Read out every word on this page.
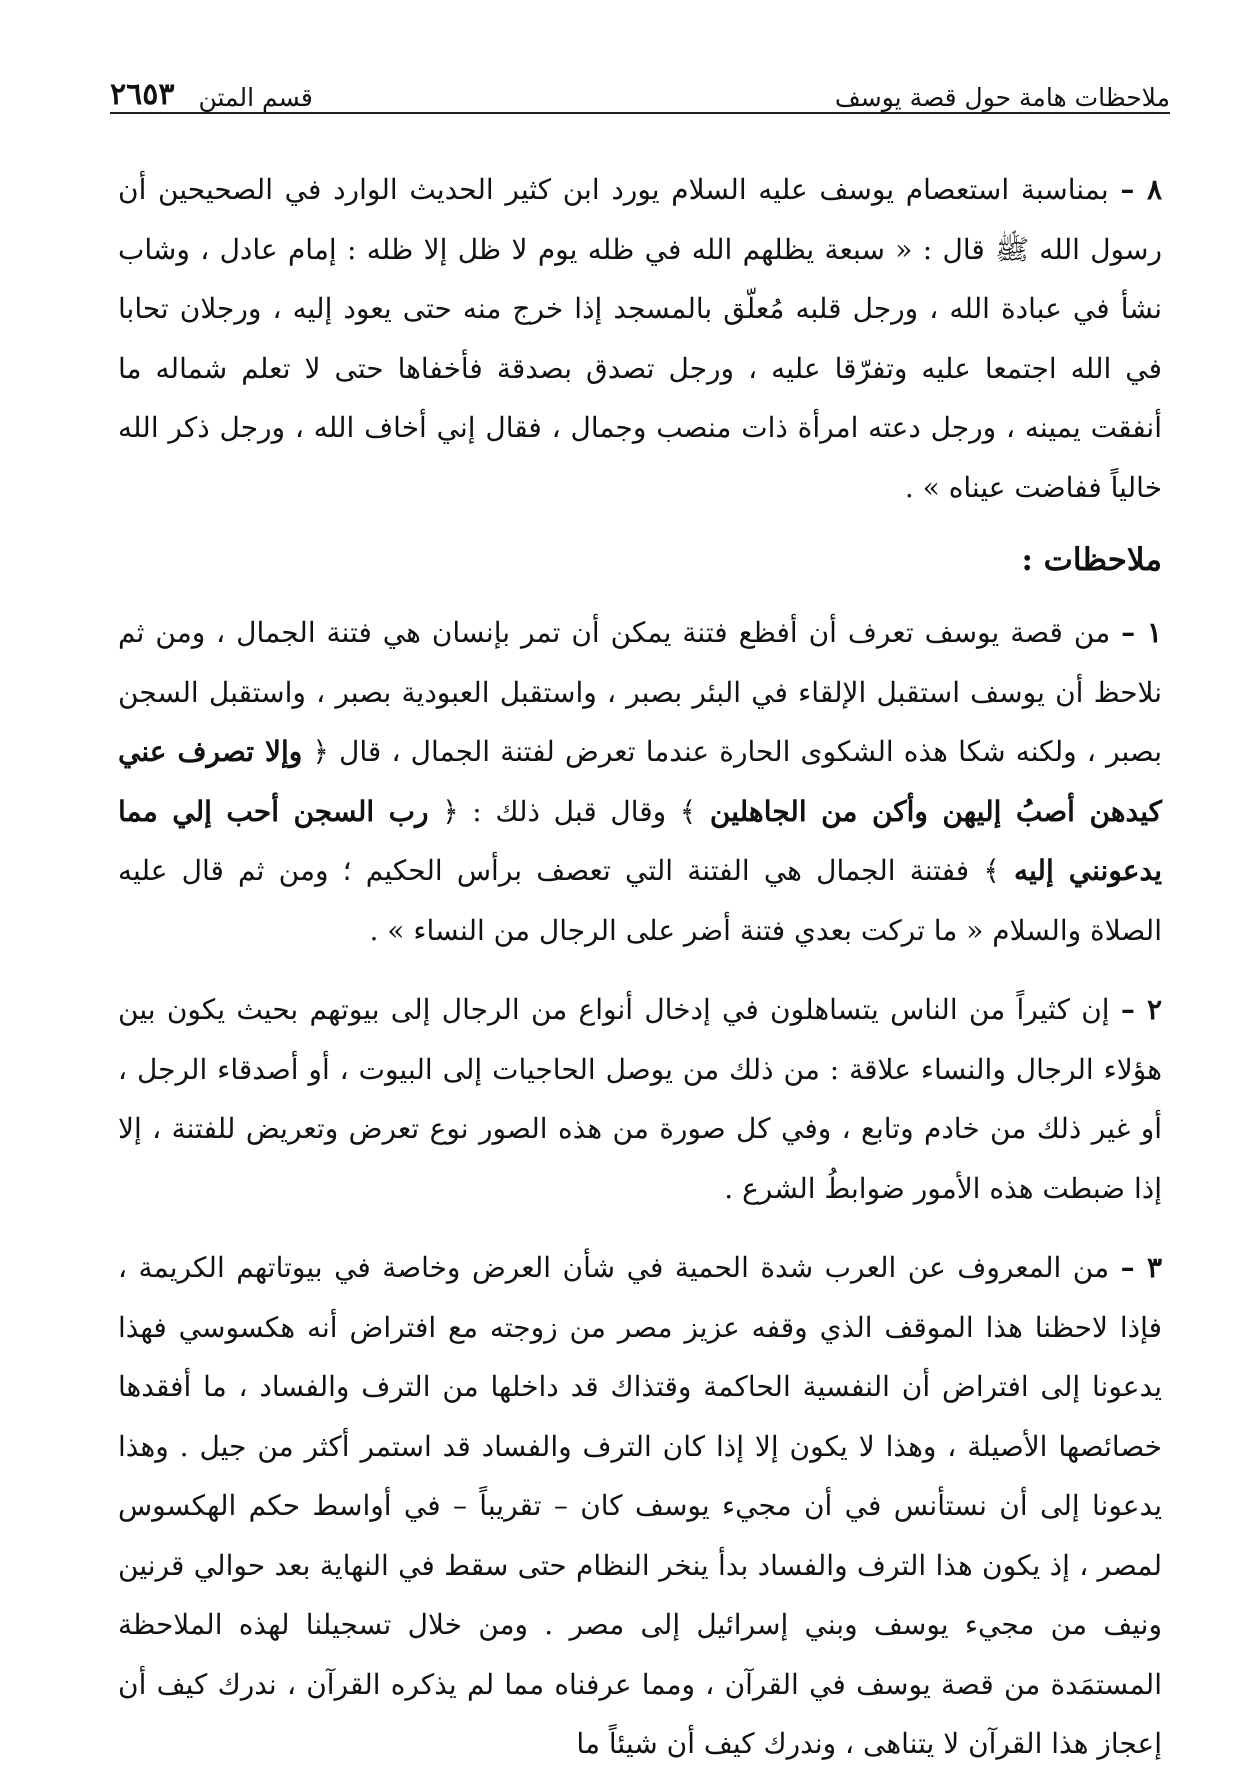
ملاحظات هامة حول قصة يوسف
قسم المتن
٢٦٥٣

٨ – بمناسبة استعصام يوسف عليه السلام يورد ابن كثير الحديث الوارد في الصحيحين أن رسول الله ﷺ قال : « سبعة يظلهم الله في ظله يوم لا ظل إلا ظله : إمام عادل ، وشاب نشأ في عبادة الله ، ورجل قلبه مُعلّق بالمسجد إذا خرج منه حتى يعود إليه ، ورجلان تحابا في الله اجتمعا عليه وتفرّقا عليه ، ورجل تصدق بصدقة فأخفاها حتى لا تعلم شماله ما أنفقت يمينه ، ورجل دعته امرأة ذات منصب وجمال ، فقال إني أخاف الله ، ورجل ذكر الله خالياً ففاضت عيناه » .

ملاحظات :

١ – من قصة يوسف تعرف أن أفظع فتنة يمكن أن تمر بإنسان هي فتنة الجمال ، ومن ثم نلاحظ أن يوسف استقبل الإلقاء في البئر بصبر ، واستقبل العبودية بصبر ، واستقبل السجن بصبر ، ولكنه شكا هذه الشكوى الحارة عندما تعرض لفتنة الجمال ، قال ﴿ وإلا تصرف عني كيدهن أصبُ إليهن وأكن من الجاهلين ﴾ وقال قبل ذلك : ﴿ رب السجن أحب إلي مما يدعونني إليه ﴾ ففتنة الجمال هي الفتنة التي تعصف برأس الحكيم ؛ ومن ثم قال عليه الصلاة والسلام « ما تركت بعدي فتنة أضر على الرجال من النساء » .

٢ – إن كثيراً من الناس يتساهلون في إدخال أنواع من الرجال إلى بيوتهم بحيث يكون بين هؤلاء الرجال والنساء علاقة : من ذلك من يوصل الحاجيات إلى البيوت ، أو أصدقاء الرجل ، أو غير ذلك من خادم وتابع ، وفي كل صورة من هذه الصور نوع تعرض وتعريض للفتنة ، إلا إذا ضبطت هذه الأمور ضوابطُ الشرع .

٣ – من المعروف عن العرب شدة الحمية في شأن العرض وخاصة في بيوتاتهم الكريمة ، فإذا لاحظنا هذا الموقف الذي وقفه عزيز مصر من زوجته مع افتراض أنه هكسوسي فهذا يدعونا إلى افتراض أن النفسية الحاكمة وقتذاك قد داخلها من الترف والفساد ، ما أفقدها خصائصها الأصيلة ، وهذا لا يكون إلا إذا كان الترف والفساد قد استمر أكثر من جيل . وهذا يدعونا إلى أن نستأنس في أن مجيء يوسف كان – تقريباً – في أواسط حكم الهكسوس لمصر ، إذ يكون هذا الترف والفساد بدأ ينخر النظام حتى سقط في النهاية بعد حوالي قرنين ونيف من مجيء يوسف وبني إسرائيل إلى مصر . ومن خلال تسجيلنا لهذه الملاحظة المستمَدة من قصة يوسف في القرآن ، ومما عرفناه مما لم يذكره القرآن ، ندرك كيف أن إعجاز هذا القرآن لا يتناهى ، وندرك كيف أن شيئاً ما
